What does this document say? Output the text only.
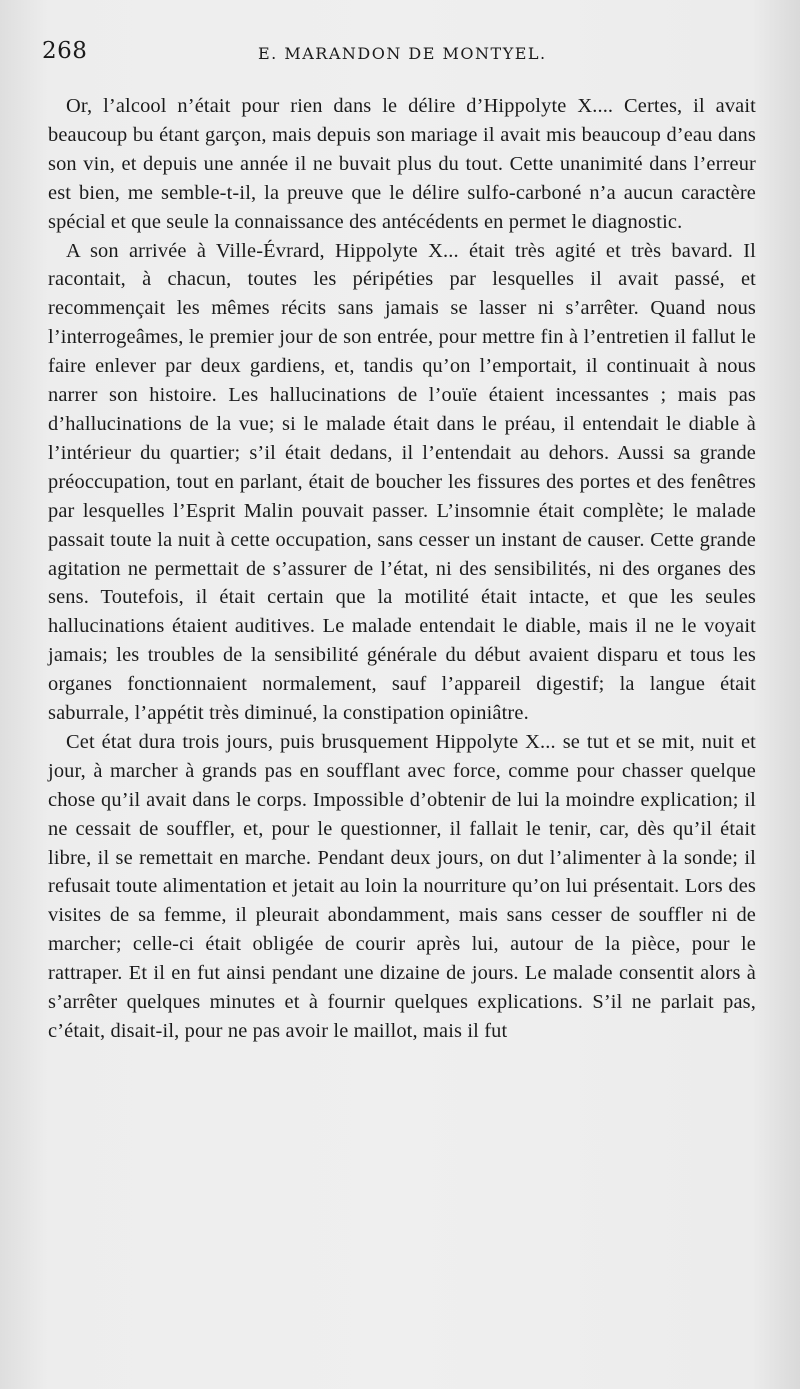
268	E. MARANDON DE MONTYEL.

Or, l’alcool n’était pour rien dans le délire d’Hippolyte X.... Certes, il avait beaucoup bu étant garçon, mais depuis son mariage il avait mis beaucoup d’eau dans son vin, et depuis une année il ne buvait plus du tout. Cette unanimité dans l’erreur est bien, me semble-t-il, la preuve que le délire sulfo-carboné n’a aucun caractère spécial et que seule la connaissance des antécédents en permet le diagnostic.

A son arrivée à Ville-Évrard, Hippolyte X... était très agité et très bavard. Il racontait, à chacun, toutes les péripéties par lesquelles il avait passé, et recommençait les mêmes récits sans jamais se lasser ni s’arrêter. Quand nous l’interrogeâmes, le premier jour de son entrée, pour mettre fin à l’entretien il fallut le faire enlever par deux gardiens, et, tandis qu’on l’emportait, il continuait à nous narrer son histoire. Les hallucinations de l’ouïe étaient incessantes ; mais pas d’hallucinations de la vue; si le malade était dans le préau, il entendait le diable à l’intérieur du quartier; s’il était dedans, il l’entendait au dehors. Aussi sa grande préoccupation, tout en parlant, était de boucher les fissures des portes et des fenêtres par lesquelles l’Esprit Malin pouvait passer. L’insomnie était complète; le malade passait toute la nuit à cette occupation, sans cesser un instant de causer. Cette grande agitation ne permettait de s’assurer de l’état, ni des sensibilités, ni des organes des sens. Toutefois, il était certain que la motilité était intacte, et que les seules hallucinations étaient auditives. Le malade entendait le diable, mais il ne le voyait jamais; les troubles de la sensibilité générale du début avaient disparu et tous les organes fonctionnaient normalement, sauf l’appareil digestif; la langue était saburrale, l’appétit très diminué, la constipation opiniâtre.

Cet état dura trois jours, puis brusquement Hippolyte X... se tut et se mit, nuit et jour, à marcher à grands pas en soufflant avec force, comme pour chasser quelque chose qu’il avait dans le corps. Impossible d’obtenir de lui la moindre explication; il ne cessait de souffler, et, pour le questionner, il fallait le tenir, car, dès qu’il était libre, il se remettait en marche. Pendant deux jours, on dut l’alimenter à la sonde; il refusait toute alimentation et jetait au loin la nourriture qu’on lui présentait. Lors des visites de sa femme, il pleurait abondamment, mais sans cesser de souffler ni de marcher; celle-ci était obligée de courir après lui, autour de la pièce, pour le rattraper. Et il en fut ainsi pendant une dizaine de jours. Le malade consentit alors à s’arrêter quelques minutes et à fournir quelques explications. S’il ne parlait pas, c’était, disait-il, pour ne pas avoir le maillot, mais il fut
